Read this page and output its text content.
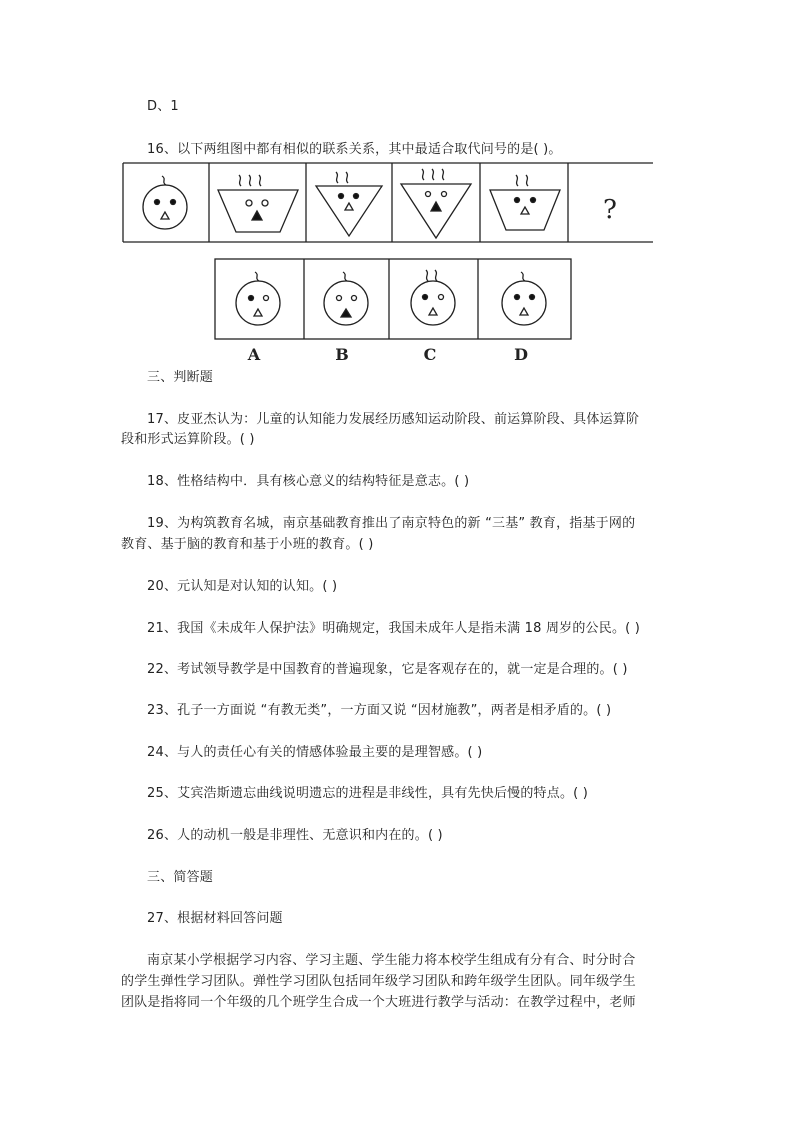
D、1
16、以下两组图中都有相似的联系关系，其中最适合取代问号的是( )。
?
A	B	C	D
三、判断题
17、皮亚杰认为：儿童的认知能力发展经历感知运动阶段、前运算阶段、具体运算阶
段和形式运算阶段。( )
18、性格结构中．具有核心意义的结构特征是意志。( )
19、为构筑教育名城，南京基础教育推出了南京特色的新 “三基” 教育，指基于网的
教育、基于脑的教育和基于小班的教育。( )
20、元认知是对认知的认知。( )
21、我国《未成年人保护法》明确规定，我国未成年人是指未满 18 周岁的公民。( )
22、考试领导教学是中国教育的普遍现象，它是客观存在的，就一定是合理的。( )
23、孔子一方面说 “有教无类”，一方面又说 “因材施教”，两者是相矛盾的。( )
24、与人的责任心有关的情感体验最主要的是理智感。( )
25、艾宾浩斯遗忘曲线说明遗忘的进程是非线性，具有先快后慢的特点。( )
26、人的动机一般是非理性、无意识和内在的。( )
三、简答题
27、根据材料回答问题
南京某小学根据学习内容、学习主题、学生能力将本校学生组成有分有合、时分时合
的学生弹性学习团队。弹性学习团队包括同年级学习团队和跨年级学生团队。同年级学生
团队是指将同一个年级的几个班学生合成一个大班进行教学与活动：在教学过程中，老师
